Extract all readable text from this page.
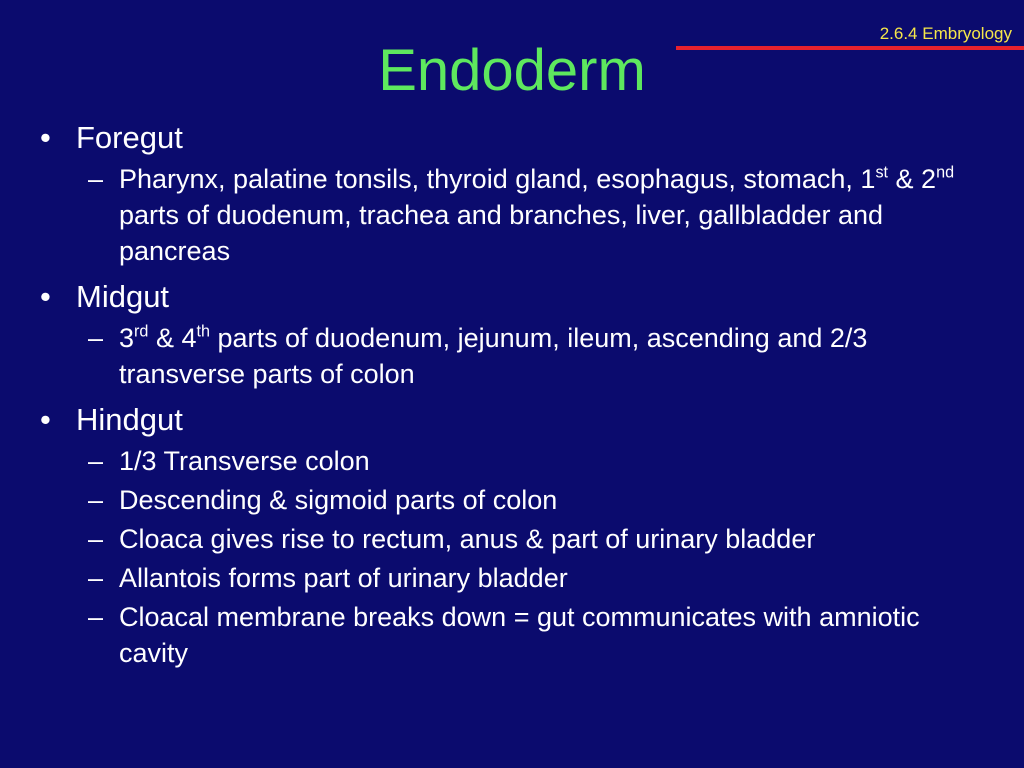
2.6.4 Embryology
Endoderm
• Foregut
– Pharynx, palatine tonsils, thyroid gland, esophagus, stomach, 1st & 2nd parts of duodenum, trachea and branches, liver, gallbladder and pancreas
• Midgut
– 3rd & 4th parts of duodenum, jejunum, ileum, ascending and 2/3 transverse parts of colon
• Hindgut
– 1/3 Transverse colon
– Descending & sigmoid parts of colon
– Cloaca gives rise to rectum, anus & part of urinary bladder
– Allantois forms part of urinary bladder
– Cloacal membrane breaks down = gut communicates with amniotic cavity
